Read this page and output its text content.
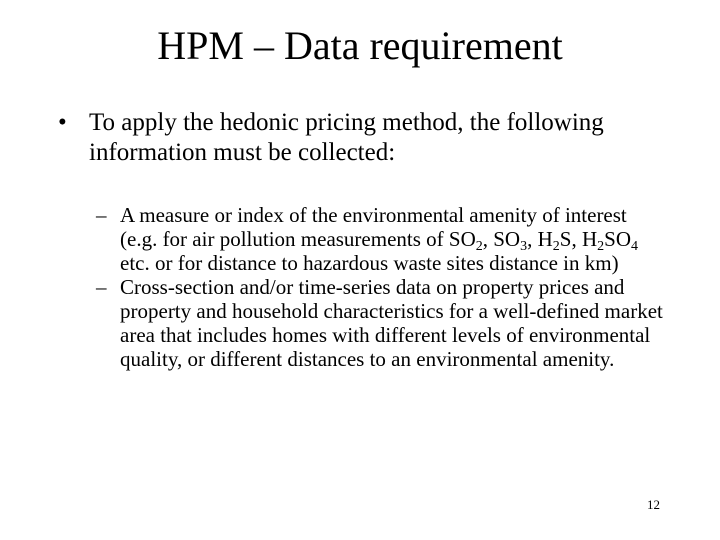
HPM – Data requirement
• To apply the hedonic pricing method, the following information must be collected:
– A measure or index of the environmental amenity of interest (e.g. for air pollution measurements of $SO_2$, $SO_3$, $H_2S$, $H_2SO_4$ etc. or for distance to hazardous waste sites distance in km)
– Cross-section and/or time-series data on property prices and property and household characteristics for a well-defined market area that includes homes with different levels of environmental quality, or different distances to an environmental amenity.
12
